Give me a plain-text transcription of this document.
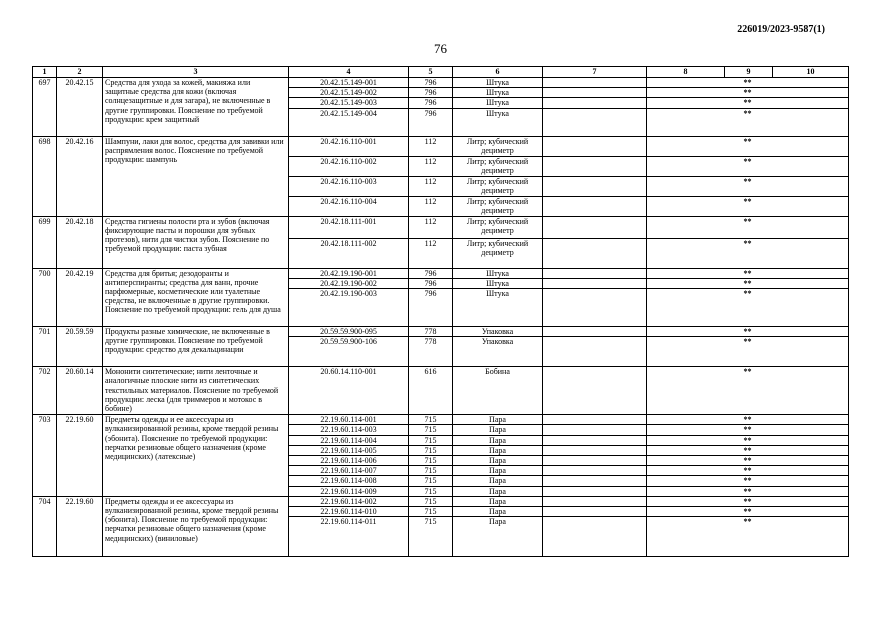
226019/2023-9587(1)
76
1	2	3	4	5	6	7	8	9	10
697	20.42.15	Средства для ухода за кожей, макияжа или защитные средства для кожи (включая солнцезащитные и для загара), не включенные в другие группировки. Пояснение по требуемой продукции: крем защитный	20.42.15.149-001	796	Штука		**		
			20.42.15.149-002	796	Штука		**		
			20.42.15.149-003	796	Штука		**		
			20.42.15.149-004	796	Штука		**		
698	20.42.16	Шампуни, лаки для волос, средства для завивки или распрямления волос. Пояснение по требуемой продукции: шампунь	20.42.16.110-001	112	Литр; кубический дециметр		**		
			20.42.16.110-002	112	Литр; кубический дециметр		**		
			20.42.16.110-003	112	Литр; кубический дециметр		**		
			20.42.16.110-004	112	Литр; кубический дециметр		**		
699	20.42.18	Средства гигиены полости рта и зубов (включая фиксирующие пасты и порошки для зубных протезов), нити для чистки зубов. Пояснение по требуемой продукции: паста зубная	20.42.18.111-001	112	Литр; кубический дециметр		**		
			20.42.18.111-002	112	Литр; кубический дециметр		**		
700	20.42.19	Средства для бритья; дезодоранты и антиперспиранты; средства для ванн, прочие парфюмерные, косметические или туалетные средства, не включенные в другие группировки. Пояснение по требуемой продукции: гель для душа	20.42.19.190-001	796	Штука		**		
			20.42.19.190-002	796	Штука		**		
			20.42.19.190-003	796	Штука		**		
701	20.59.59	Продукты разные химические, не включенные в другие группировки. Пояснение по требуемой продукции: средство для декальцинации	20.59.59.900-095	778	Упаковка		**		
			20.59.59.900-106	778	Упаковка		**		
702	20.60.14	Мононити синтетические; нити ленточные и аналогичные плоские нити из синтетических текстильных материалов. Пояснение по требуемой продукции: леска (для триммеров и мотокос в бобине)	20.60.14.110-001	616	Бобина		**		
703	22.19.60	Предметы одежды и ее аксессуары из вулканизированной резины, кроме твердой резины (эбонита). Пояснение по требуемой продукции: перчатки резиновые общего назначения (кроме медицинских) (латексные)	22.19.60.114-001	715	Пара		**		
			22.19.60.114-003	715	Пара		**		
			22.19.60.114-004	715	Пара		**		
			22.19.60.114-005	715	Пара		**		
			22.19.60.114-006	715	Пара		**		
			22.19.60.114-007	715	Пара		**		
			22.19.60.114-008	715	Пара		**		
			22.19.60.114-009	715	Пара		**		
704	22.19.60	Предметы одежды и ее аксессуары из вулканизированной резины, кроме твердой резины (эбонита). Пояснение по требуемой продукции: перчатки резиновые общего назначения (кроме медицинских) (виниловые)	22.19.60.114-002	715	Пара		**		
			22.19.60.114-010	715	Пара		**		
			22.19.60.114-011	715	Пара		**		
